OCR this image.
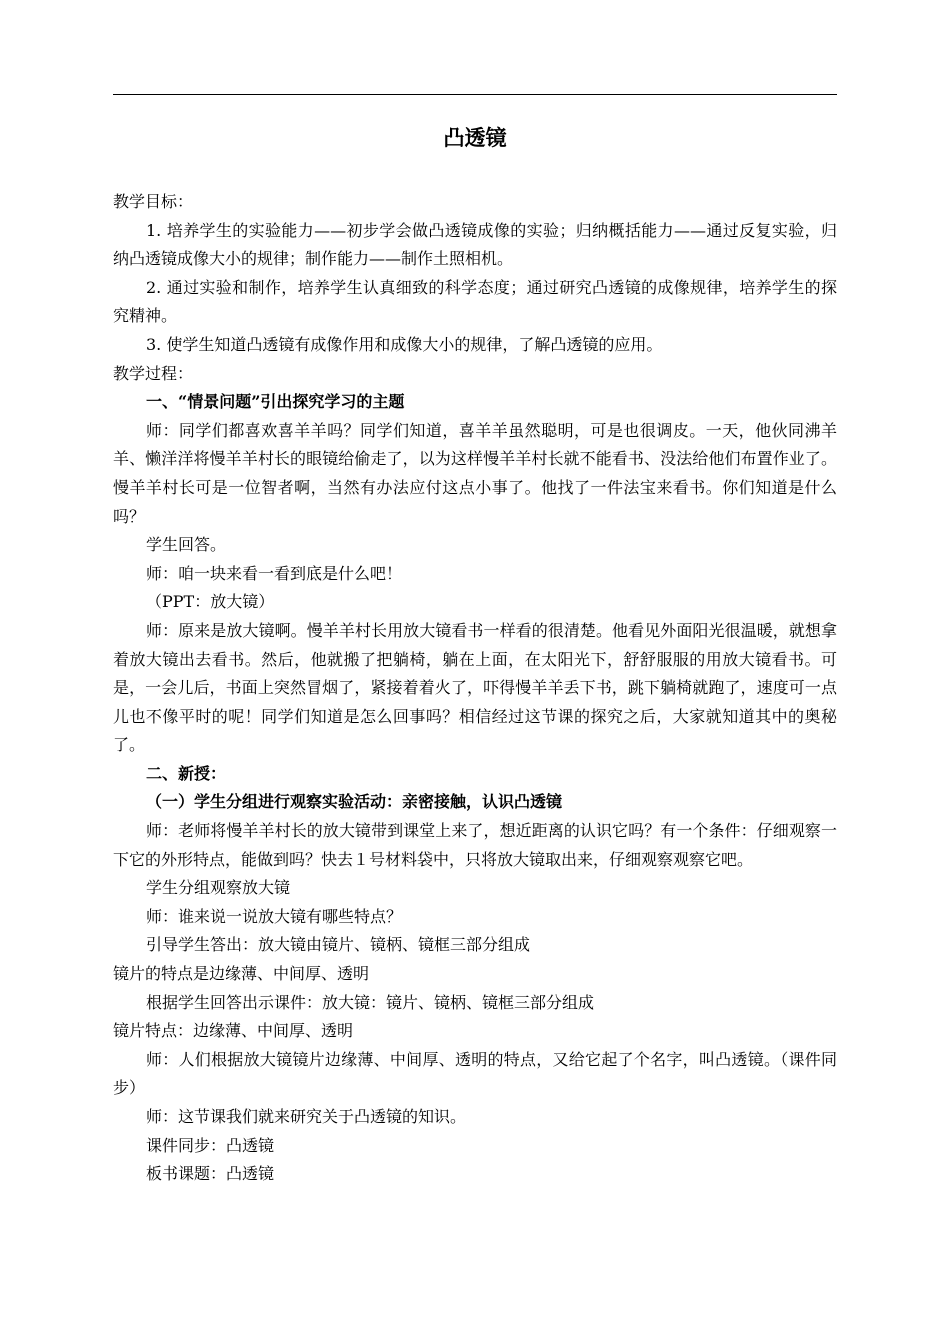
凸透镜

教学目标：

1. 培养学生的实验能力——初步学会做凸透镜成像的实验；归纳概括能力——通过反复实验，归纳凸透镜成像大小的规律；制作能力——制作土照相机。

2. 通过实验和制作，培养学生认真细致的科学态度；通过研究凸透镜的成像规律，培养学生的探究精神。

3. 使学生知道凸透镜有成像作用和成像大小的规律，了解凸透镜的应用。

教学过程：

一、“情景问题”引出探究学习的主题

师：同学们都喜欢喜羊羊吗？同学们知道，喜羊羊虽然聪明，可是也很调皮。一天，他伙同沸羊羊、懒洋洋将慢羊羊村长的眼镜给偷走了，以为这样慢羊羊村长就不能看书、没法给他们布置作业了。慢羊羊村长可是一位智者啊，当然有办法应付这点小事了。他找了一件法宝来看书。你们知道是什么吗？

学生回答。

师：咱一块来看一看到底是什么吧！

（PPT：放大镜）

师：原来是放大镜啊。慢羊羊村长用放大镜看书一样看的很清楚。他看见外面阳光很温暖，就想拿着放大镜出去看书。然后，他就搬了把躺椅，躺在上面，在太阳光下，舒舒服服的用放大镜看书。可是，一会儿后，书面上突然冒烟了，紧接着着火了，吓得慢羊羊丢下书，跳下躺椅就跑了，速度可一点儿也不像平时的呢！同学们知道是怎么回事吗？相信经过这节课的探究之后，大家就知道其中的奥秘了。

二、新授：

（一）学生分组进行观察实验活动：亲密接触，认识凸透镜

师：老师将慢羊羊村长的放大镜带到课堂上来了，想近距离的认识它吗？有一个条件：仔细观察一下它的外形特点，能做到吗？快去１号材料袋中，只将放大镜取出来，仔细观察观察它吧。

学生分组观察放大镜

师：谁来说一说放大镜有哪些特点？

引导学生答出：放大镜由镜片、镜柄、镜框三部分组成

镜片的特点是边缘薄、中间厚、透明

根据学生回答出示课件：放大镜：镜片、镜柄、镜框三部分组成

镜片特点：边缘薄、中间厚、透明

师：人们根据放大镜镜片边缘薄、中间厚、透明的特点，又给它起了个名字，叫凸透镜。（课件同步）

师：这节课我们就来研究关于凸透镜的知识。

课件同步：凸透镜

板书课题：凸透镜
